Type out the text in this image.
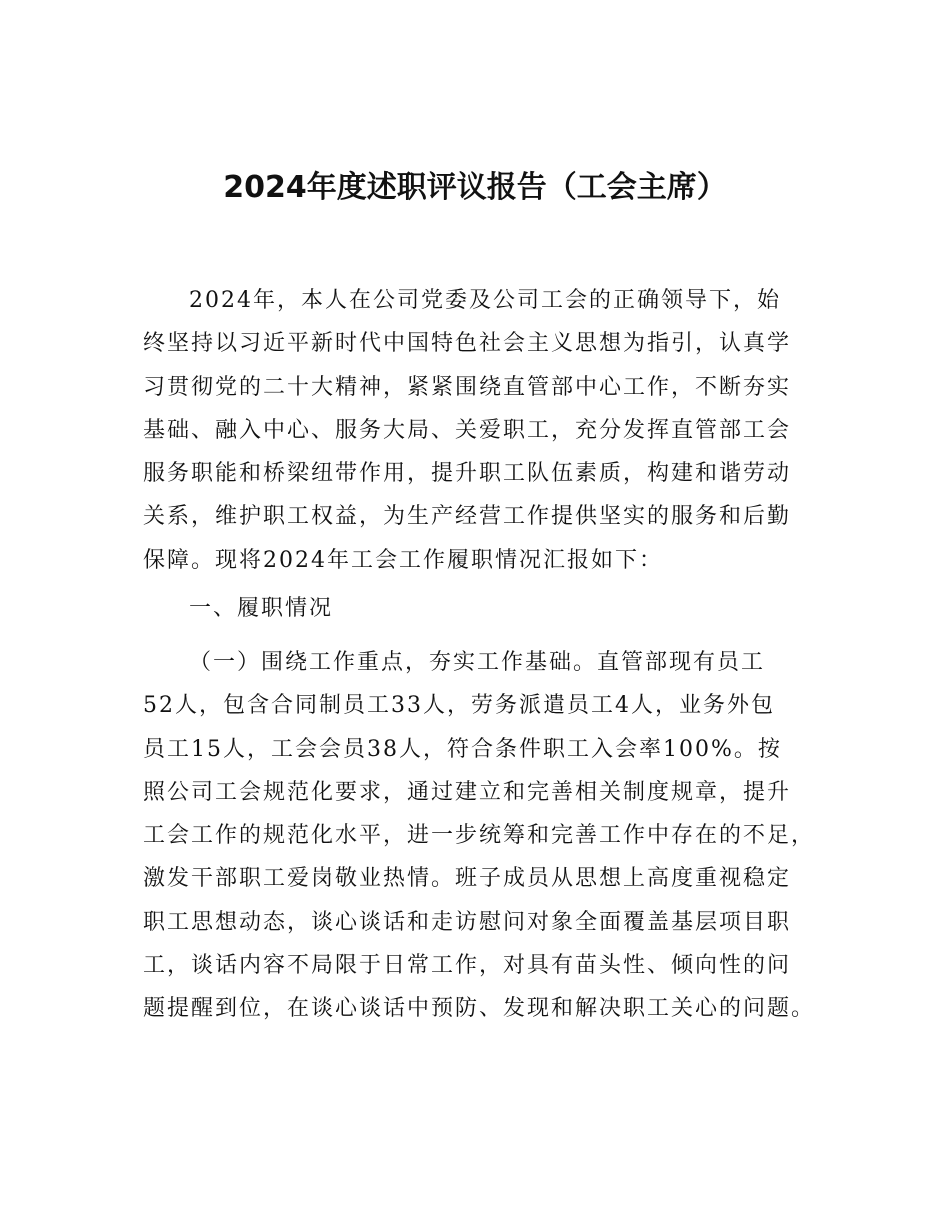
2024年度述职评议报告（工会主席）
2024年，本人在公司党委及公司工会的正确领导下，始
终坚持以习近平新时代中国特色社会主义思想为指引，认真学
习贯彻党的二十大精神，紧紧围绕直管部中心工作，不断夯实
基础、融入中心、服务大局、关爱职工，充分发挥直管部工会
服务职能和桥梁纽带作用，提升职工队伍素质，构建和谐劳动
关系，维护职工权益，为生产经营工作提供坚实的服务和后勤
保障。现将2024年工会工作履职情况汇报如下：
一、履职情况
（一）围绕工作重点，夯实工作基础。直管部现有员工
52人，包含合同制员工33人，劳务派遣员工4人，业务外包
员工15人，工会会员38人，符合条件职工入会率100%。按
照公司工会规范化要求，通过建立和完善相关制度规章，提升
工会工作的规范化水平，进一步统筹和完善工作中存在的不足，
激发干部职工爱岗敬业热情。班子成员从思想上高度重视稳定
职工思想动态，谈心谈话和走访慰问对象全面覆盖基层项目职
工，谈话内容不局限于日常工作，对具有苗头性、倾向性的问
题提醒到位，在谈心谈话中预防、发现和解决职工关心的问题。
